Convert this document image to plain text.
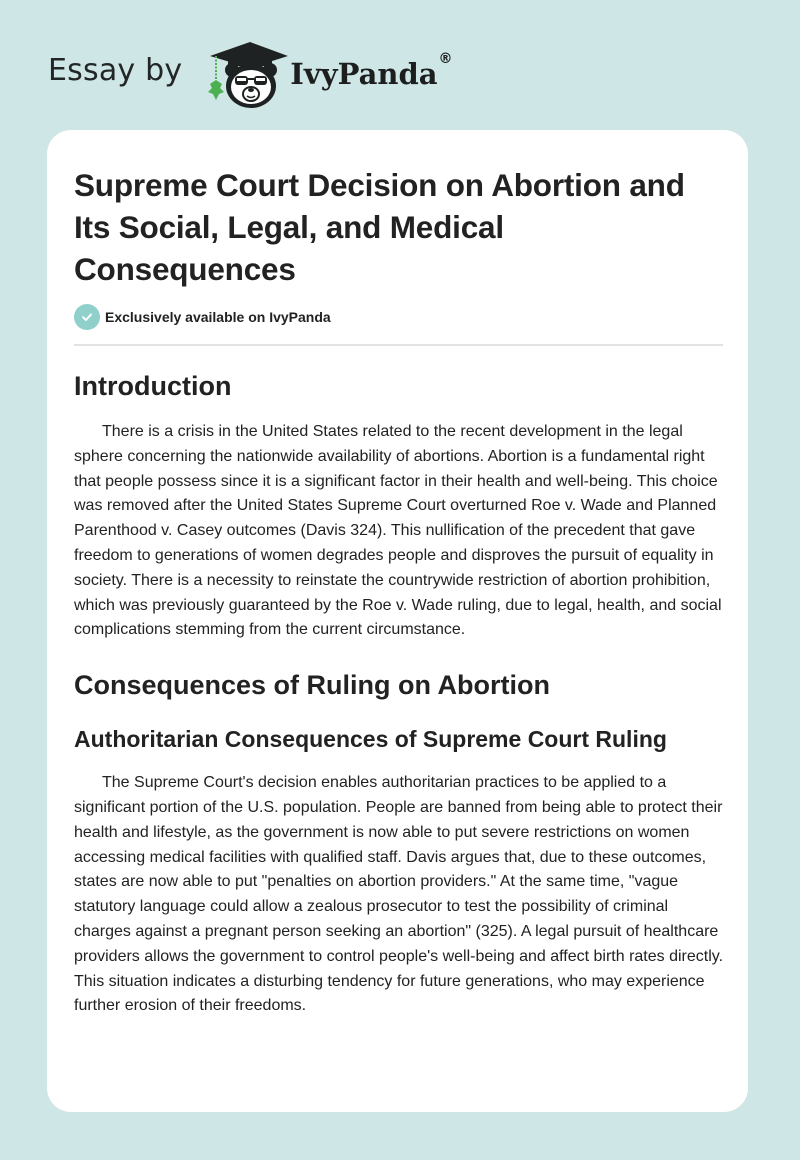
Essay by	IvyPanda®
Supreme Court Decision on Abortion and Its Social, Legal, and Medical Consequences
Exclusively available on IvyPanda
Introduction

There is a crisis in the United States related to the recent development in the legal sphere concerning the nationwide availability of abortions. Abortion is a fundamental right that people possess since it is a significant factor in their health and well-being. This choice was removed after the United States Supreme Court overturned Roe v. Wade and Planned Parenthood v. Casey outcomes (Davis 324). This nullification of the precedent that gave freedom to generations of women degrades people and disproves the pursuit of equality in society. There is a necessity to reinstate the countrywide restriction of abortion prohibition, which was previously guaranteed by the Roe v. Wade ruling, due to legal, health, and social complications stemming from the current circumstance.

Consequences of Ruling on Abortion
Authoritarian Consequences of Supreme Court Ruling

The Supreme Court's decision enables authoritarian practices to be applied to a significant portion of the U.S. population. People are banned from being able to protect their health and lifestyle, as the government is now able to put severe restrictions on women accessing medical facilities with qualified staff. Davis argues that, due to these outcomes, states are now able to put "penalties on abortion providers." At the same time, "vague statutory language could allow a zealous prosecutor to test the possibility of criminal charges against a pregnant person seeking an abortion" (325). A legal pursuit of healthcare providers allows the government to control people's well-being and affect birth rates directly. This situation indicates a disturbing tendency for future generations, who may experience further erosion of their freedoms.
